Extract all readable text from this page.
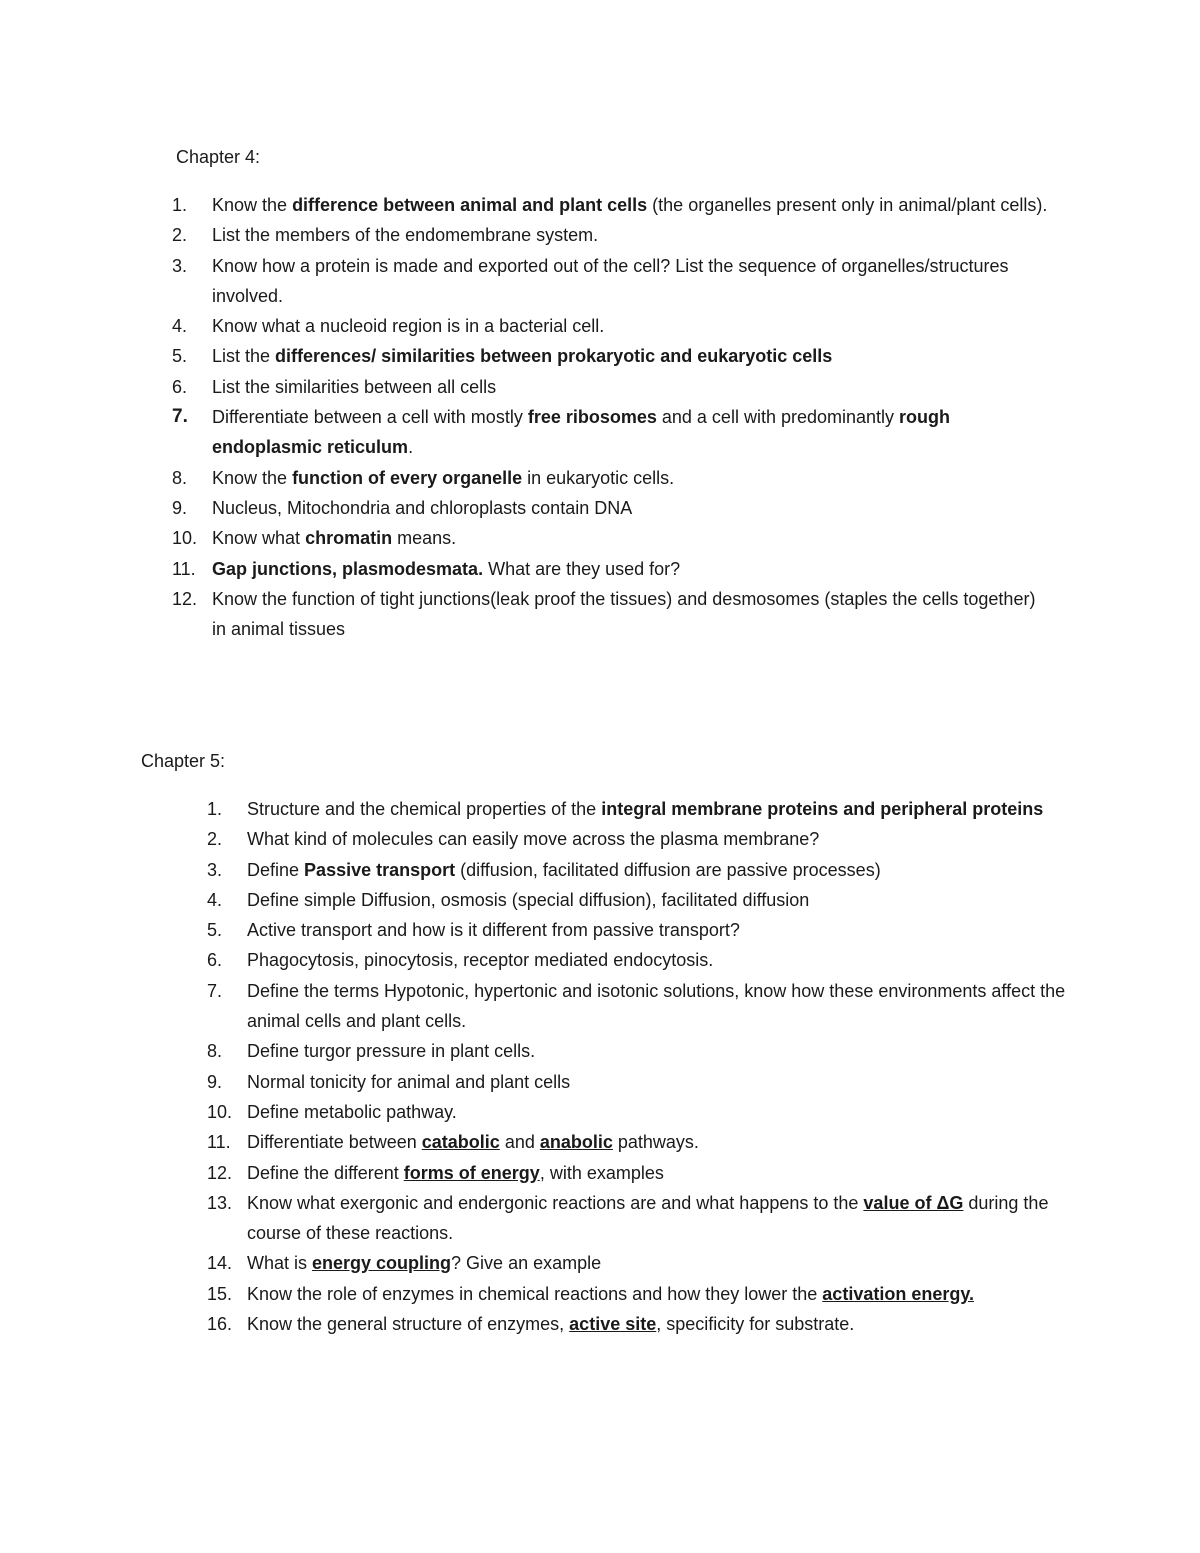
Chapter 4:
1.	Know the difference between animal and plant cells (the organelles present only in animal/plant cells).
2.	List the members of the endomembrane system.
3.	Know how a protein is made and exported out of the cell? List the sequence of organelles/structures involved.
4.	Know what a nucleoid region is in a bacterial cell.
5.	List the differences/ similarities between prokaryotic and eukaryotic cells
6.	List the similarities between all cells
7.	Differentiate between a cell with mostly free ribosomes and a cell with predominantly rough endoplasmic reticulum.
8.	Know the function of every organelle in eukaryotic cells.
9.	Nucleus, Mitochondria and chloroplasts contain DNA
10. Know what chromatin means.
11. Gap junctions, plasmodesmata. What are they used for?
12. Know the function of tight junctions(leak proof the tissues) and desmosomes (staples the cells together) in animal tissues
Chapter 5:
1.	Structure and the chemical properties of the integral membrane proteins and peripheral proteins
2.	What kind of molecules can easily move across the plasma membrane?
3.	Define Passive transport (diffusion, facilitated diffusion are passive processes)
4.	Define simple Diffusion, osmosis (special diffusion), facilitated diffusion
5.	Active transport and how is it different from passive transport?
6.	Phagocytosis, pinocytosis, receptor mediated endocytosis.
7.	Define the terms Hypotonic, hypertonic and isotonic solutions, know how these environments affect the animal cells and plant cells.
8.	Define turgor pressure in plant cells.
9.	Normal tonicity for animal and plant cells
10. Define metabolic pathway.
11. Differentiate between catabolic and anabolic pathways.
12. Define the different forms of energy, with examples
13. Know what exergonic and endergonic reactions are and what happens to the value of ΔG during the course of these reactions.
14. What is energy coupling? Give an example
15. Know the role of enzymes in chemical reactions and how they lower the activation energy.
16. Know the general structure of enzymes, active site, specificity for substrate.
